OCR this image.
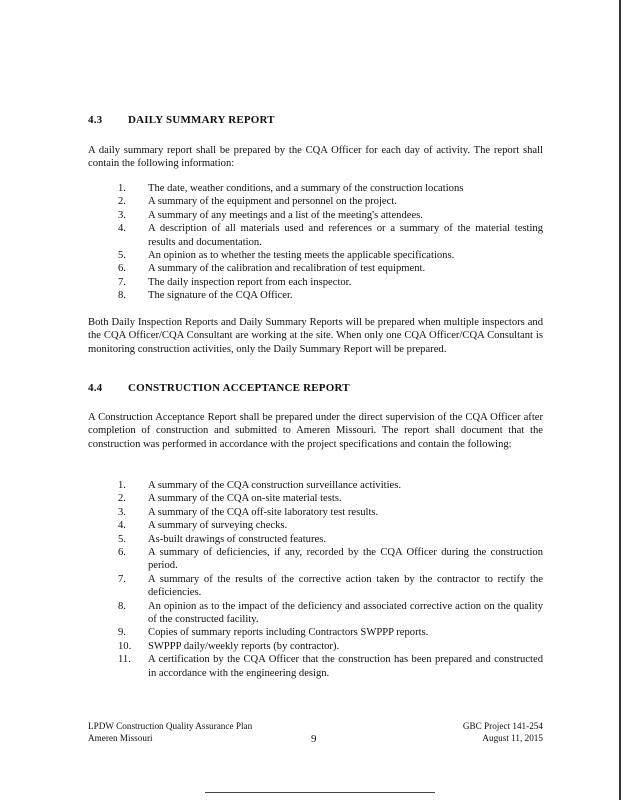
4.3 DAILY SUMMARY REPORT
A daily summary report shall be prepared by the CQA Officer for each day of activity. The report shall contain the following information:
1. The date, weather conditions, and a summary of the construction locations
2. A summary of the equipment and personnel on the project.
3. A summary of any meetings and a list of the meeting's attendees.
4. A description of all materials used and references or a summary of the material testing results and documentation.
5. An opinion as to whether the testing meets the applicable specifications.
6. A summary of the calibration and recalibration of test equipment.
7. The daily inspection report from each inspector.
8. The signature of the CQA Officer.
Both Daily Inspection Reports and Daily Summary Reports will be prepared when multiple inspectors and the CQA Officer/CQA Consultant are working at the site. When only one CQA Officer/CQA Consultant is monitoring construction activities, only the Daily Summary Report will be prepared.
4.4 CONSTRUCTION ACCEPTANCE REPORT
A Construction Acceptance Report shall be prepared under the direct supervision of the CQA Officer after completion of construction and submitted to Ameren Missouri. The report shall document that the construction was performed in accordance with the project specifications and contain the following:
1. A summary of the CQA construction surveillance activities.
2. A summary of the CQA on-site material tests.
3. A summary of the CQA off-site laboratory test results.
4. A summary of surveying checks.
5. As-built drawings of constructed features.
6. A summary of deficiencies, if any, recorded by the CQA Officer during the construction period.
7. A summary of the results of the corrective action taken by the contractor to rectify the deficiencies.
8. An opinion as to the impact of the deficiency and associated corrective action on the quality of the constructed facility.
9. Copies of summary reports including Contractors SWPPP reports.
10. SWPPP daily/weekly reports (by contractor).
11. A certification by the CQA Officer that the construction has been prepared and constructed in accordance with the engineering design.
LPDW Construction Quality Assurance Plan
Ameren Missouri	9
GBC Project 141-254
August 11, 2015
